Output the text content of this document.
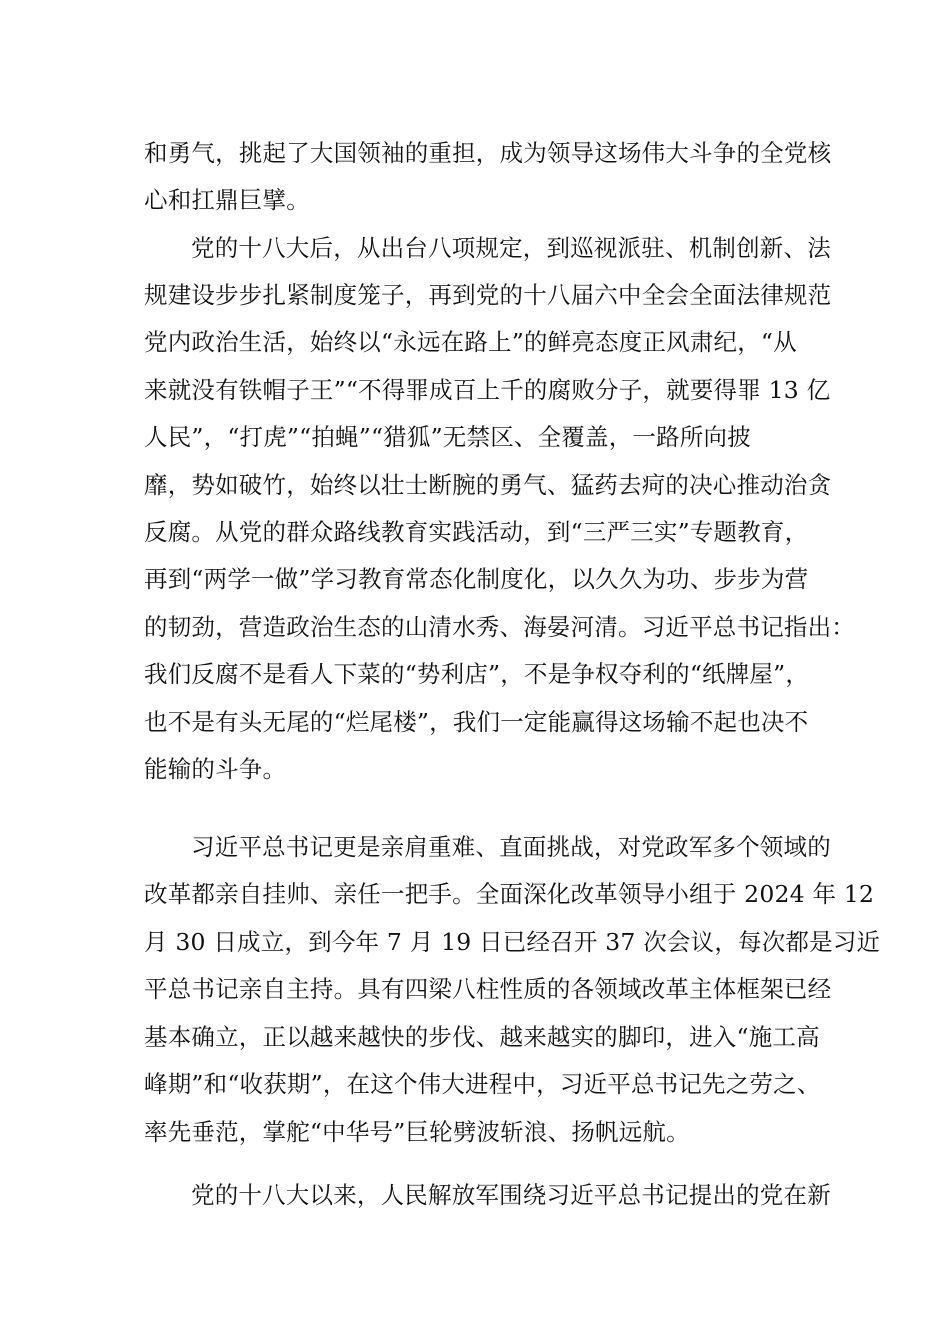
和勇气，挑起了大国领袖的重担，成为领导这场伟大斗争的全党核
心和扛鼎巨擘。
党的十八大后，从出台八项规定，到巡视派驻、机制创新、法
规建设步步扎紧制度笼子，再到党的十八届六中全会全面法律规范
党内政治生活，始终以“永远在路上”的鲜亮态度正风肃纪，“从
来就没有铁帽子王”“不得罪成百上千的腐败分子，就要得罪 13 亿
人民”，“打虎”“拍蝇”“猎狐”无禁区、全覆盖，一路所向披
靡，势如破竹，始终以壮士断腕的勇气、猛药去疴的决心推动治贪
反腐。从党的群众路线教育实践活动，到“三严三实”专题教育，
再到“两学一做”学习教育常态化制度化，以久久为功、步步为营
的韧劲，营造政治生态的山清水秀、海晏河清。习近平总书记指出：
我们反腐不是看人下菜的“势利店”，不是争权夺利的“纸牌屋”，
也不是有头无尾的“烂尾楼”，我们一定能赢得这场输不起也决不
能输的斗争。
习近平总书记更是亲肩重难、直面挑战，对党政军多个领域的
改革都亲自挂帅、亲任一把手。全面深化改革领导小组于 2024 年 12
月 30 日成立，到今年 7 月 19 日已经召开 37 次会议，每次都是习近
平总书记亲自主持。具有四梁八柱性质的各领域改革主体框架已经
基本确立，正以越来越快的步伐、越来越实的脚印，进入“施工高
峰期”和“收获期”，在这个伟大进程中，习近平总书记先之劳之、
率先垂范，掌舵“中华号”巨轮劈波斩浪、扬帆远航。
党的十八大以来，人民解放军围绕习近平总书记提出的党在新
